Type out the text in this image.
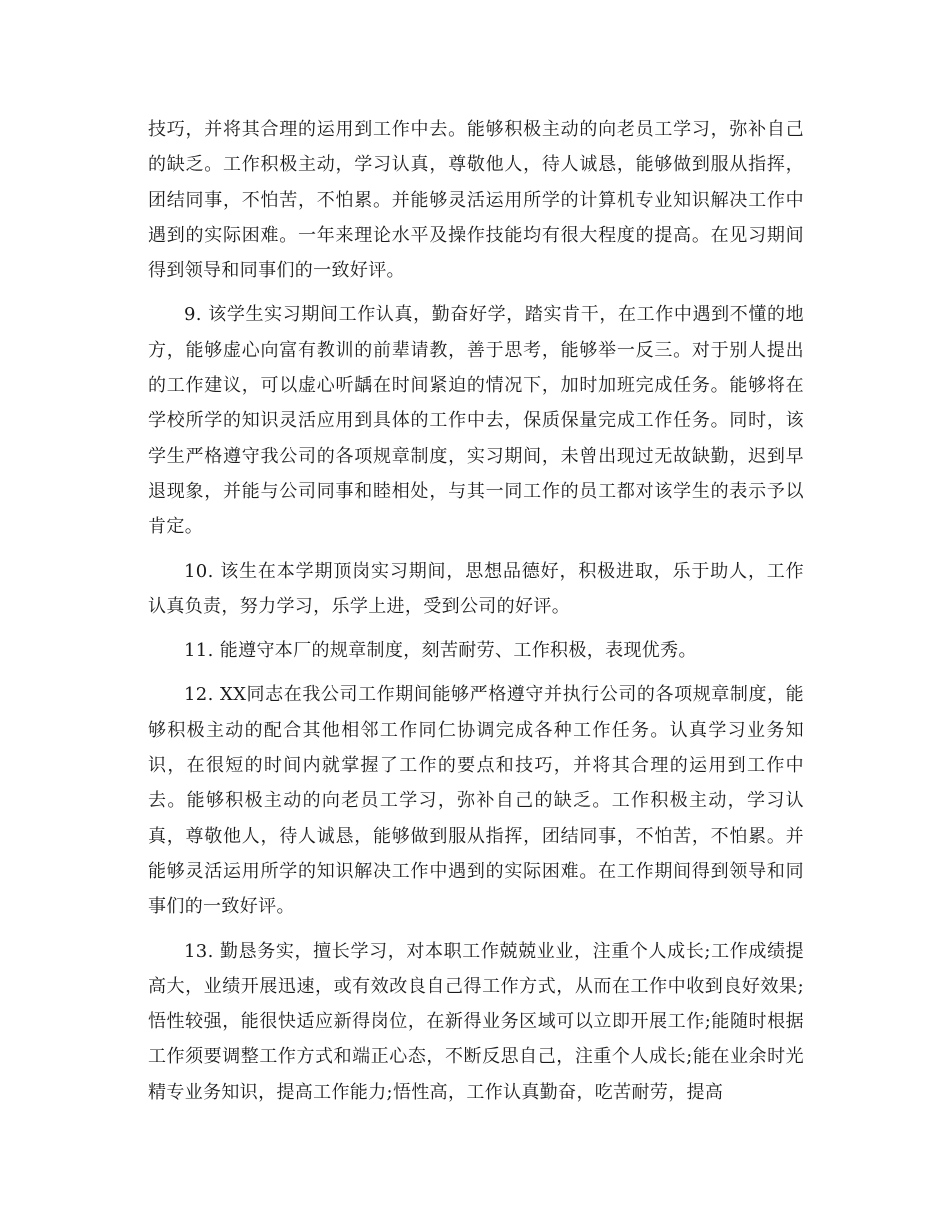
技巧，并将其合理的运用到工作中去。能够积极主动的向老员工学习，弥补自己的缺乏。工作积极主动，学习认真，尊敬他人，待人诚恳，能够做到服从指挥，团结同事，不怕苦，不怕累。并能够灵活运用所学的计算机专业知识解决工作中遇到的实际困难。一年来理论水平及操作技能均有很大程度的提高。在见习期间得到领导和同事们的一致好评。

9. 该学生实习期间工作认真，勤奋好学，踏实肯干，在工作中遇到不懂的地方，能够虚心向富有教训的前辈请教，善于思考，能够举一反三。对于别人提出的工作建议，可以虚心听龋在时间紧迫的情况下，加时加班完成任务。能够将在学校所学的知识灵活应用到具体的工作中去，保质保量完成工作任务。同时，该学生严格遵守我公司的各项规章制度，实习期间，未曾出现过无故缺勤，迟到早退现象，并能与公司同事和睦相处，与其一同工作的员工都对该学生的表示予以肯定。

10. 该生在本学期顶岗实习期间，思想品德好，积极进取，乐于助人，工作认真负责，努力学习，乐学上进，受到公司的好评。

11. 能遵守本厂的规章制度，刻苦耐劳、工作积极，表现优秀。

12. XX同志在我公司工作期间能够严格遵守并执行公司的各项规章制度，能够积极主动的配合其他相邻工作同仁协调完成各种工作任务。认真学习业务知识，在很短的时间内就掌握了工作的要点和技巧，并将其合理的运用到工作中去。能够积极主动的向老员工学习，弥补自己的缺乏。工作积极主动，学习认真，尊敬他人，待人诚恳，能够做到服从指挥，团结同事，不怕苦，不怕累。并能够灵活运用所学的知识解决工作中遇到的实际困难。在工作期间得到领导和同事们的一致好评。

13. 勤恳务实，擅长学习，对本职工作兢兢业业，注重个人成长;工作成绩提高大，业绩开展迅速，或有效改良自己得工作方式，从而在工作中收到良好效果;悟性较强，能很快适应新得岗位，在新得业务区域可以立即开展工作;能随时根据工作须要调整工作方式和端正心态，不断反思自己，注重个人成长;能在业余时光精专业务知识，提高工作能力;悟性高，工作认真勤奋，吃苦耐劳，提高
